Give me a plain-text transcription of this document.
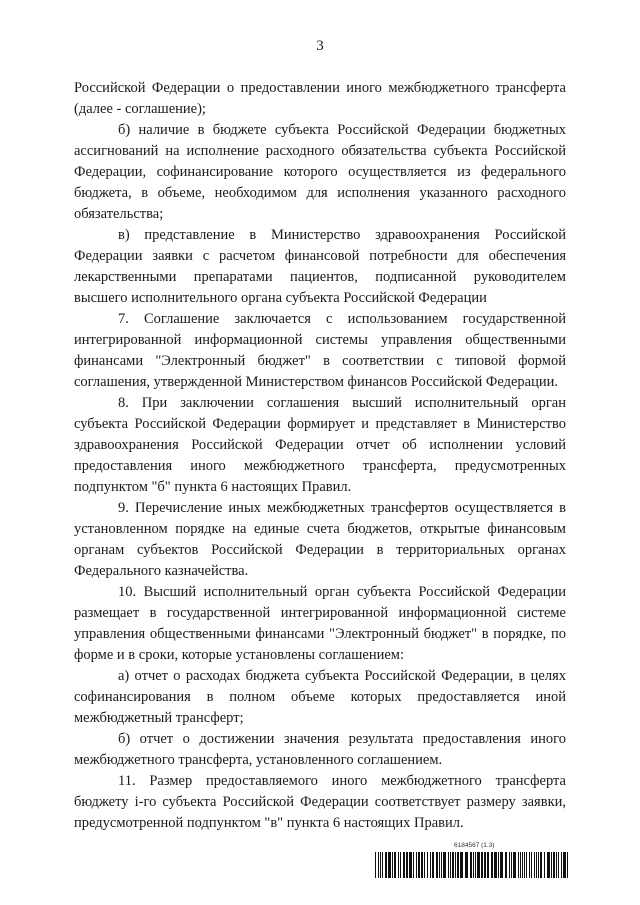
3

Российской Федерации о предоставлении иного межбюджетного трансферта (далее - соглашение);

б) наличие в бюджете субъекта Российской Федерации бюджетных ассигнований на исполнение расходного обязательства субъекта Российской Федерации, софинансирование которого осуществляется из федерального бюджета, в объеме, необходимом для исполнения указанного расходного обязательства;

в) представление в Министерство здравоохранения Российской Федерации заявки с расчетом финансовой потребности для обеспечения лекарственными препаратами пациентов, подписанной руководителем высшего исполнительного органа субъекта Российской Федерации

7. Соглашение заключается с использованием государственной интегрированной информационной системы управления общественными финансами "Электронный бюджет" в соответствии с типовой формой соглашения, утвержденной Министерством финансов Российской Федерации.

8. При заключении соглашения высший исполнительный орган субъекта Российской Федерации формирует и представляет в Министерство здравоохранения Российской Федерации отчет об исполнении условий предоставления иного межбюджетного трансферта, предусмотренных подпунктом "б" пункта 6 настоящих Правил.

9. Перечисление иных межбюджетных трансфертов осуществляется в установленном порядке на единые счета бюджетов, открытые финансовым органам субъектов Российской Федерации в территориальных органах Федерального казначейства.

10. Высший исполнительный орган субъекта Российской Федерации размещает в государственной интегрированной информационной системе управления общественными финансами "Электронный бюджет" в порядке, по форме и в сроки, которые установлены соглашением:

а) отчет о расходах бюджета субъекта Российской Федерации, в целях софинансирования в полном объеме которых предоставляется иной межбюджетный трансферт;

б) отчет о достижении значения результата предоставления иного межбюджетного трансферта, установленного соглашением.

11. Размер предоставляемого иного межбюджетного трансферта бюджету i-го субъекта Российской Федерации соответствует размеру заявки, предусмотренной подпунктом "в" пункта 6 настоящих Правил.

6184567 (1.3)
